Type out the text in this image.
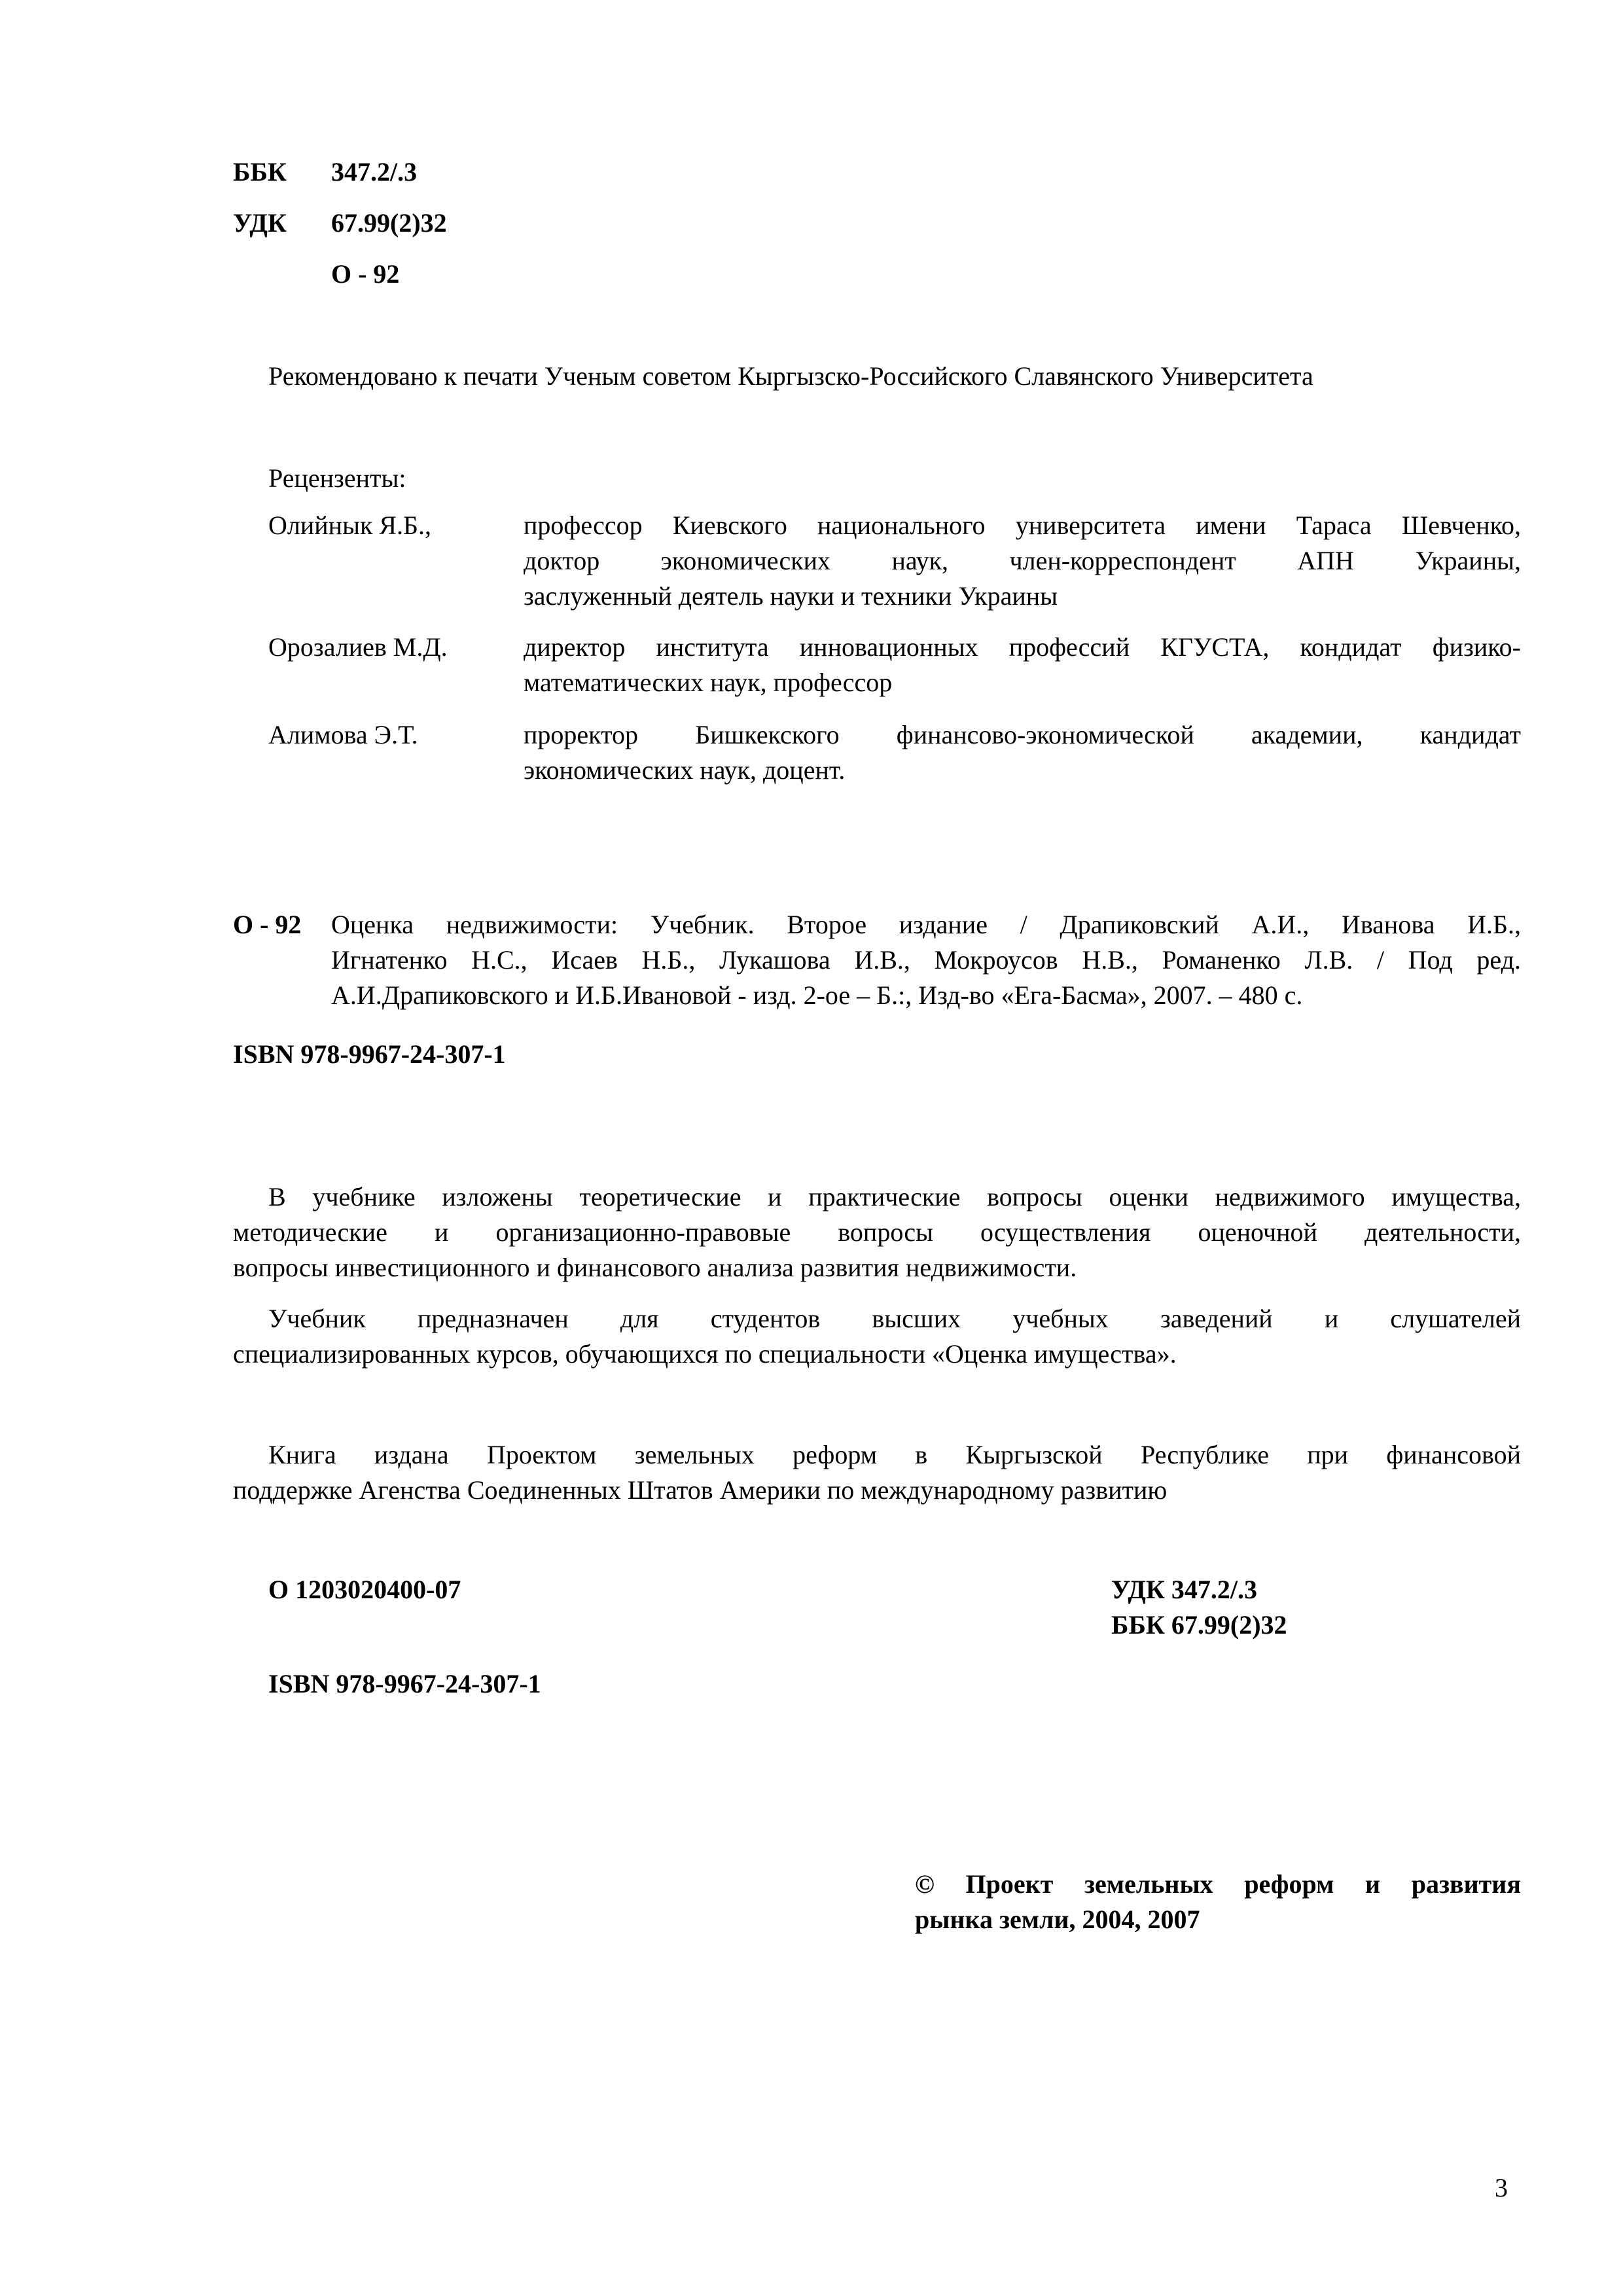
ББК 347.2/.3
УДК 67.99(2)32
О - 92
Рекомендовано к печати Ученым советом Кыргызско-Российского Славянского Университета
Рецензенты:
Олийнык Я.Б.,	профессор Киевского национального университета имени Тараса Шевченко,
доктор экономических наук, член-корреспондент АПН Украины,
заслуженный деятель науки и техники Украины
Орозалиев М.Д.	директор института инновационных профессий КГУСТА, кондидат физико-
математических наук, профессор
Алимова Э.Т.	проректор Бишкекского финансово-экономической академии, кандидат
экономических наук, доцент.
О - 92	Оценка недвижимости: Учебник. Второе издание / Драпиковский А.И., Иванова И.Б.,
Игнатенко Н.С., Исаев Н.Б., Лукашова И.В., Мокроусов Н.В., Романенко Л.В. / Под ред.
А.И.Драпиковского и И.Б.Ивановой - изд. 2-ое – Б.:, Изд-во «Ега-Басма», 2007. – 480 с.
ISBN 978-9967-24-307-1
В учебнике изложены теоретические и практические вопросы оценки недвижимого имущества,
методические и организационно-правовые вопросы осуществления оценочной деятельности,
вопросы инвестиционного и финансового анализа развития недвижимости.
Учебник предназначен для студентов высших учебных заведений и слушателей
специализированных курсов, обучающихся по специальности «Оценка имущества».
Книга издана Проектом земельных реформ в Кыргызской Республике при финансовой
поддержке Агенства Соединенных Штатов Америки по международному развитию
О 1203020400-07	УДК 347.2/.3
ББК 67.99(2)32
ISBN 978-9967-24-307-1
© Проект земельных реформ и развития
рынка земли, 2004, 2007
3
